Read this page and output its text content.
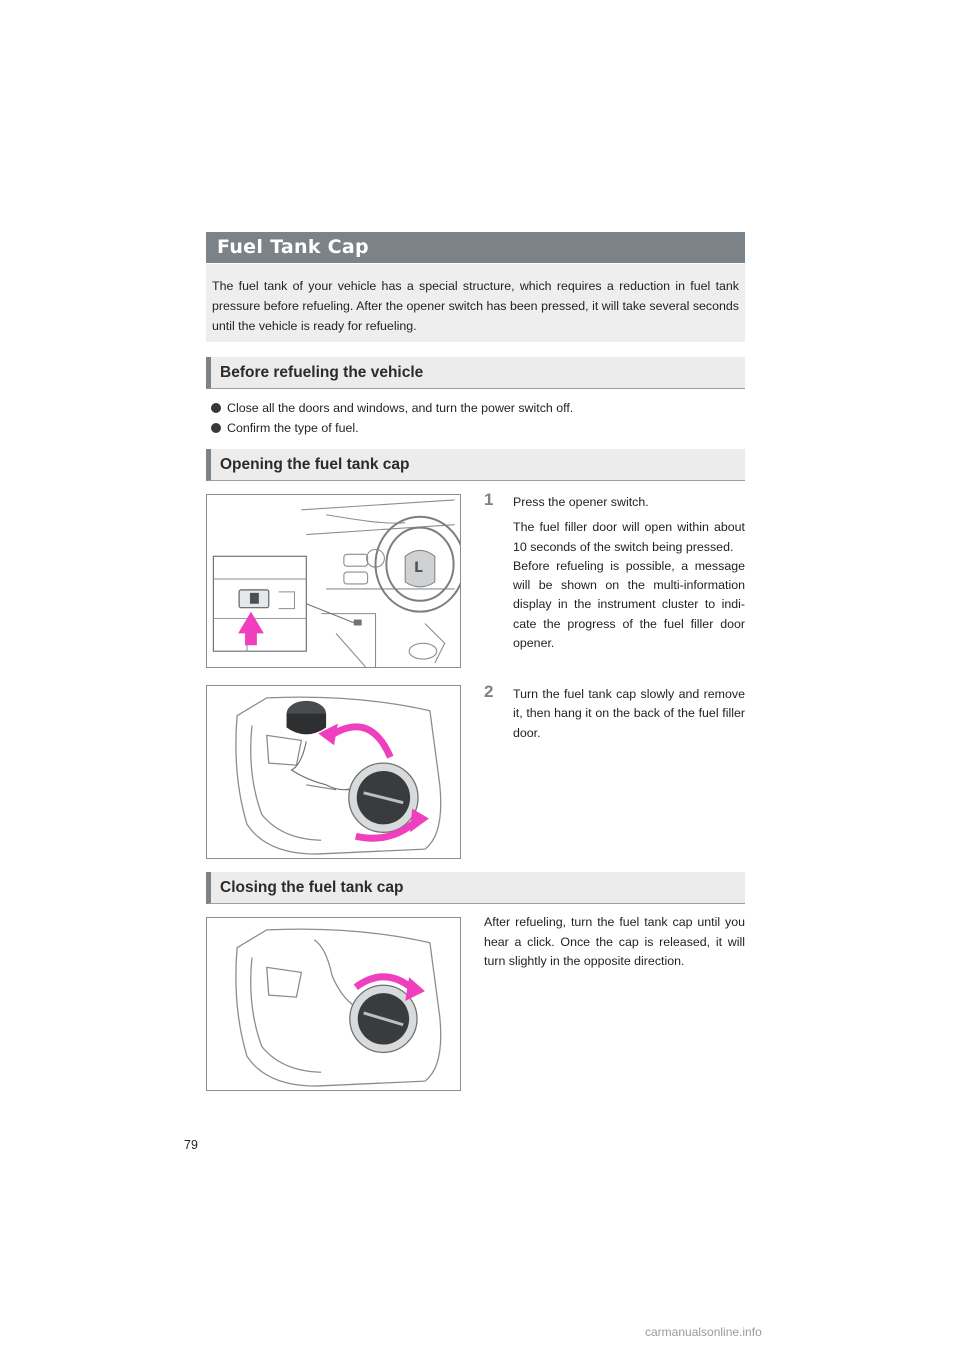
Fuel Tank Cap
The fuel tank of your vehicle has a special structure, which requires a reduction in fuel tank pressure before refueling. After the opener switch has been pressed, it will take several seconds until the vehicle is ready for refueling.
Before refueling the vehicle
Close all the doors and windows, and turn the power switch off.
Confirm the type of fuel.
Opening the fuel tank cap
L
1	Press the opener switch.

The fuel filler door will open within about 10 seconds of the switch being pressed.

Before refueling is possible, a message will be shown on the multi-information display in the instrument cluster to indi-cate the progress of the fuel filler door opener.

2	Turn the fuel tank cap slowly and remove it, then hang it on the back of the fuel filler door.
Closing the fuel tank cap
After refueling, turn the fuel tank cap until you hear a click. Once the cap is released, it will turn slightly in the opposite direction.
79
carmanualsonline.info
